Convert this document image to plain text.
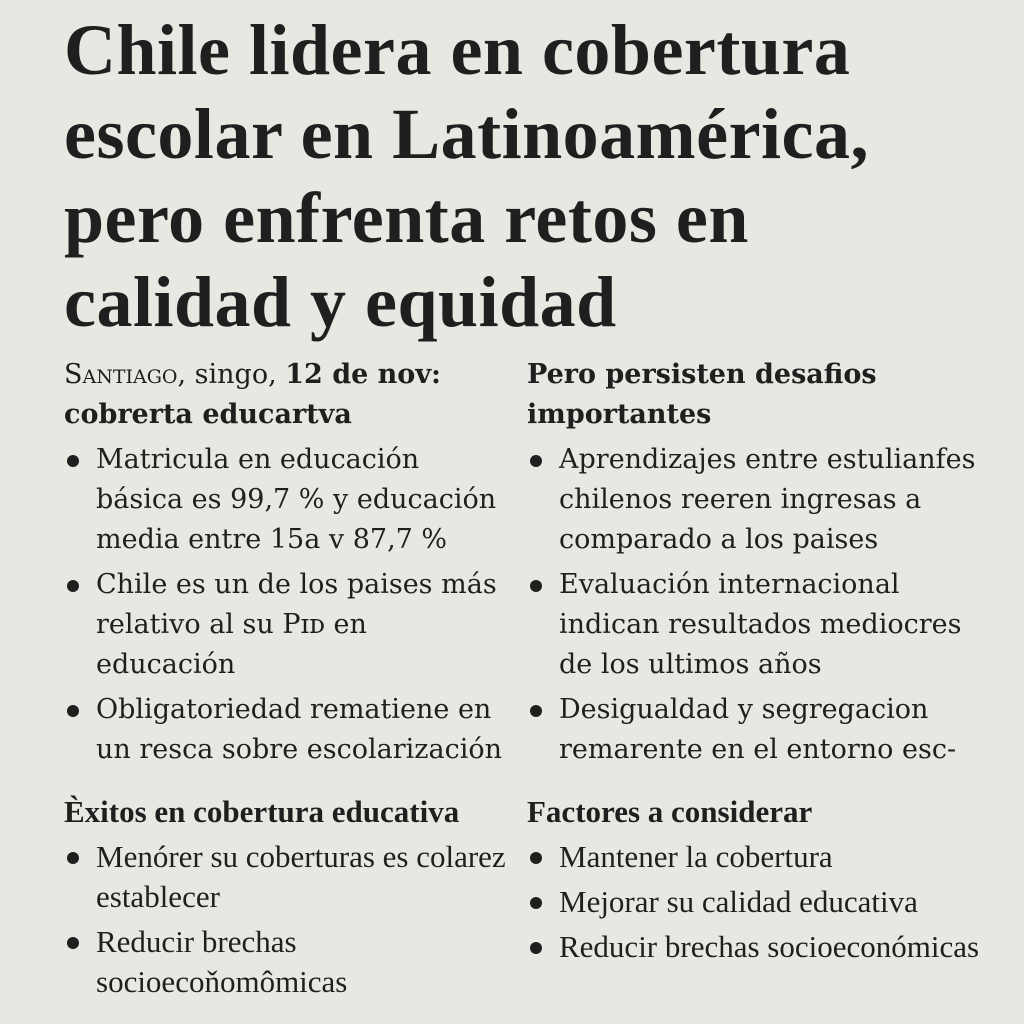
Chile lidera en cobertura escolar en Latinoamérica, pero enfrenta retos en calidad y equidad
Santiago, singo, 12 de nov:
cobrerta educartva
Matricula en educación básica es 99,7 % y educación media entre 15a v 87,7 %
Chile es un de los paises más relativo al su Pɪᴅ en educación
Obligatoriedad rematiene en un resca sobre escolarización
Èxitos en cobertura educativa
Menórer su coberturas es colarez establecer
Reducir brechas socioecoňomômicas
Pero persisten desafios importantes
Aprendizajes entre estulianfes chilenos reeren ingresas a comparado a los paises
Evaluación internacional indican resultados mediocres de los ultimos años
Desigualdad y segregacion remarente en el entorno esc-
Factores a considerar
Mantener la cobertura
Mejorar su calidad educativa
Reducir brechas socioeconómicas
